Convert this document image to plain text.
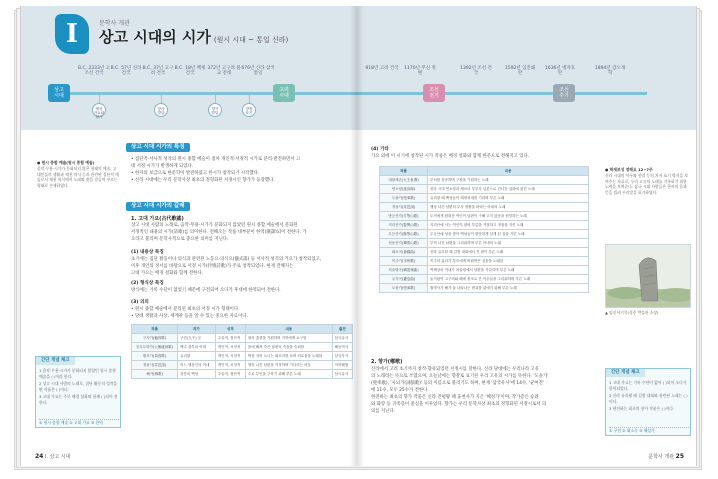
I	문학사 개관
상고 시대의 시가 (원시 시대 ~ 통일 신라)
상고
시대
고려
시대
B.C. 2333년 고조선 건국
B.C. 57년 신라 건국
B.C. 37년 고구려 건국
B.C. 18년 백제 건국
372년 고구려 불교 전래
676년 신라 삼국 통일
제천
가요와
향가
향가
발달
향가
발달
향찰
표기
● 원시 종합 예술(원시 종합 예술)
음악·무용·시가가 분화되지 않은 형태의 예술. 고대인들의 생활과 제천 의식 등과 관련된 집단적 예술로서 제천 의식에서 노래와 춤을 곁들여 부르는 형태로 존재하였다.
상고 시대 시가의 특징
• 집단적·서사적 성격의 원시 종합 예술이 점차 개인적·서정적 시가로 분리·발전하면서 고
대 서정 시가가 발생하게 되었다.
• 한자의 보급으로 한문학이 발전하였고 한시가 창작되기 시작했다.
• 신라 시대에는 우리 문학사상 최초의 정형화된 서정시인 향가가 등장했다.
상고 시대 시가의 갈래
1. 고대 가요(古代歌謠)
상고 시대 사람의 노래로, 음악·무용·시가가 분화되지 않았던 원시 종합 예술에서 분화된
서정적인 내용의 시가(詩歌)를 의미한다. 전해오는 작품 대부분이 한역(漢譯)되어 전한다. 가
요라고 불리며 문학사적으로 중요한 의미를 지닌다.
(1) 내용상 특징
초기에는 집단 활동이나 의식과 관련된 노동요·의식요(儀式謠) 등 서사적 성격의 가요가 창작되었고,
이후 개인의 정서를 바탕으로 서정 시가(抒情詩歌)가 주로 창작되었다. 현재 전해지는
고대 가요는 배경 설화와 함께 전한다.
(2) 형식상 특징
방식에는 기록 수단이 없었기 때문에 구전되어 오다가 후대에 한역되어 전한다.
(3) 의의
• 원시 종합 예술에서 분리된 최초의 서정 시가 형태이다.
• 당대 생활과 사상, 세계관 등을 알 수 있는 중요한 자료이다.
작품	작가	성격	내용	출전
구지가(龜旨歌)	구간(九干) 등	주술적, 집단적	왕의 출현을 기원하며 거북에게 요구함	삼국유사
공무도하가(公無渡河歌)	백수 광부의 아내	개인적, 서정적	물에 빠져 죽은 남편의 죽음을 슬퍼함	해동역사
황조가(黃鳥歌)	유리왕	개인적, 서정적	짝을 지어 노니는 꾀꼬리를 보며 외로움을 노래함	삼국사기
정읍사(井邑詞)	어느 행상인의 아내	개인적, 서정적	행상 나간 남편을 걱정하며 기다리는 마음	악학궤범
해가(海歌)	강릉의 백성	주술적, 집단적	수로 부인을 구하기 위해 부른 노래	삼국유사
간단 개념 체크
1 음악·무용·시가가 분화되지 않았던 원시 종합 예술을 ( )이라 한다.
2 상고 시대 사람의 노래로, 집단 활동의 성격을 띤 작품은 ( )이다.
3 고대 가요는 주로 배경 설화와 함께 ( )되어 전한다.
① 원시 종합 예술 ② 고대 가요 ③ 한역
24 I. 상고 시대
조선
전기
조선
후기
918년 고려 건국 1170년 무신 정변
1392년 조선 건국
1592년 임진왜란
1636년 병자호란
1894년 갑오개혁
(4) 기타
가요 외에 이 시기에 창작된 시가 작품은 배경 설화와 함께 한문으로 전해지고 있다.
작품	내용
대왕세존(大王世尊)	부처를 칭송하며 구원을 기원하는 노래
연오랑(延烏郞)	신라 시대 연오랑과 세오녀 부부가 일본으로 건너간 설화에 얽힌 노래
두솔가(兜率歌)	유리왕 때 백성들이 태평성대를 기리며 부른 노래
정읍사(井邑詞)	행상 나간 남편의 무사 귀환을 바라는 아내의 노래
방등산가(方等山歌)	도적에게 잡혀간 여인이 남편이 구해 주지 않음을 원망하는 노래
지리산가(智異山歌)	지리산에 사는 여인이 왕의 부름을 거절하고 정절을 지킨 노래
무등산가(無等山歌)	무등산에 성을 쌓아 백성들이 편안하게 살게 된 것을 기린 노래
선운산가(禪雲山歌)	부역 나간 남편을 그리워하며 부른 아내의 노래
회소곡(會蘇曲)	신라 유리왕 때 길쌈 대회에서 진 편이 부른 노래
목주가(木州歌)	목주의 효녀가 부모에게 버림받은 설움을 노래함
치술령곡(鵄述嶺曲)	박제상의 아내가 치술령에서 남편을 기다리며 부른 노래
우식곡(憂息曲)	눌지왕이 고구려와 왜에 볼모로 간 아우들을 그리워하며 부른 노래
도솔가(兜率歌)	월명사가 해가 둘 나타나는 변괴를 없애기 위해 부른 노래
2. 향가(鄕歌)
신라에서 고려 초기까지 창작·향유되었던 서정시를 말한다. 신라 당대에는 우리나라 고유
의 노래라는 뜻으로 쓰였으며, 오늘날에는 향찰로 표기된 우리 고유의 시가를 뜻한다. '도솔가'
(兜率歌), '사뇌가(詞腦歌)' 등의 이름으로 불리기도 하며, 현재 '삼국유사'에 14수, '균여전'
에 11수, 모두 25수가 전한다.
현전하는 최초의 향가 작품은 신라 진평왕 때 융천사가 지은 '혜성가'이며, 작가층은 승려
와 화랑 등 귀족층이 중심을 이루었다. 향가는 우리 문학사상 최초의 정형화된 서정시로서 의
의를 지닌다.
● 학재보성 영해요 12~7주
신라 시대의 이두와 향찰 등의 차자 표기 방식을 보여주는 자료로, 우리 고유의 노래를 기록하기 위한 노력을 보여준다. 삼국 시대 사람들은 한자의 음과 뜻을 빌려 우리말을 표기하였다.
▲ 임신서기석(경주 박물관 소장)
간단 개념 체크
1 고대 가요는 기록 수단이 없어 ( )되어 오다가 한역되었다.
2 신라 유리왕 때 길쌈 대회와 관련된 노래는 ( )이다.
3 현전하는 최초의 향가 작품은 ( )이다.
① 구전 ② 회소곡 ③ 혜성가
문학사 개관 25
